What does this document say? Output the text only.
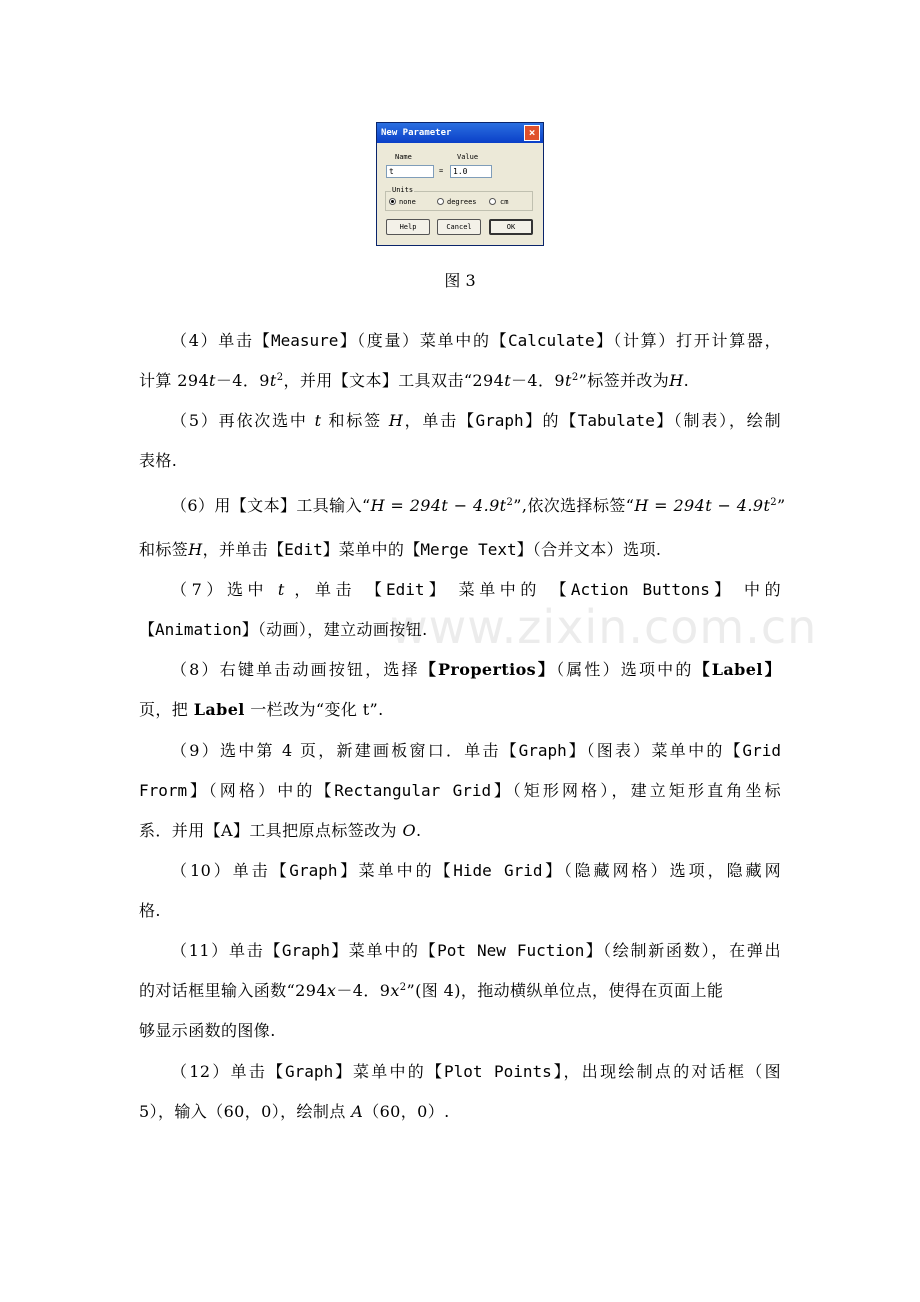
New Parameter	×
Name	Value
t	=	1.0
Units
none	degrees	cm
Help	Cancel	OK
图 3
www.zixin.com.cn
（4）单击【Measure】（度量）菜单中的【Calculate】（计算）打开计算器，
计算 294t－4．$9t^2$，并用【文本】工具双击“294t－4．$9t^2$”标签并改为H.
（5）再依次选中 t 和标签 H，单击【Graph】的【Tabulate】（制表），绘制
表格.
（6）用【文本】工具输入“$H = 294t - 4.9t^2$”,依次选择标签“$H = 294t - 4.9t^2$”
和标签H，并单击【Edit】菜单中的【Merge Text】（合并文本）选项.
（7）选中 t ，单击 【Edit】 菜单中的 【Action Buttons】 中的
【Animation】（动画），建立动画按钮.
（8）右键单击动画按钮，选择【Propertios】（属性）选项中的【Label】
页，把 Label 一栏改为“变化 t”.
（9）选中第 4 页，新建画板窗口．单击【Graph】（图表）菜单中的【Grid
Frorm】（网格）中的【Rectangular Grid】（矩形网格），建立矩形直角坐标
系．并用【A】工具把原点标签改为 O.
（10）单击【Graph】菜单中的【Hide Grid】（隐藏网格）选项，隐藏网
格.
（11）单击【Graph】菜单中的【Pot New Fuction】（绘制新函数），在弹出
的对话框里输入函数“294x－4．$9x^2$”(图 4)，拖动横纵单位点，使得在页面上能
够显示函数的图像.
（12）单击【Graph】菜单中的【Plot Points】，出现绘制点的对话框（图
5），输入（60，0），绘制点 A（60，0）.
